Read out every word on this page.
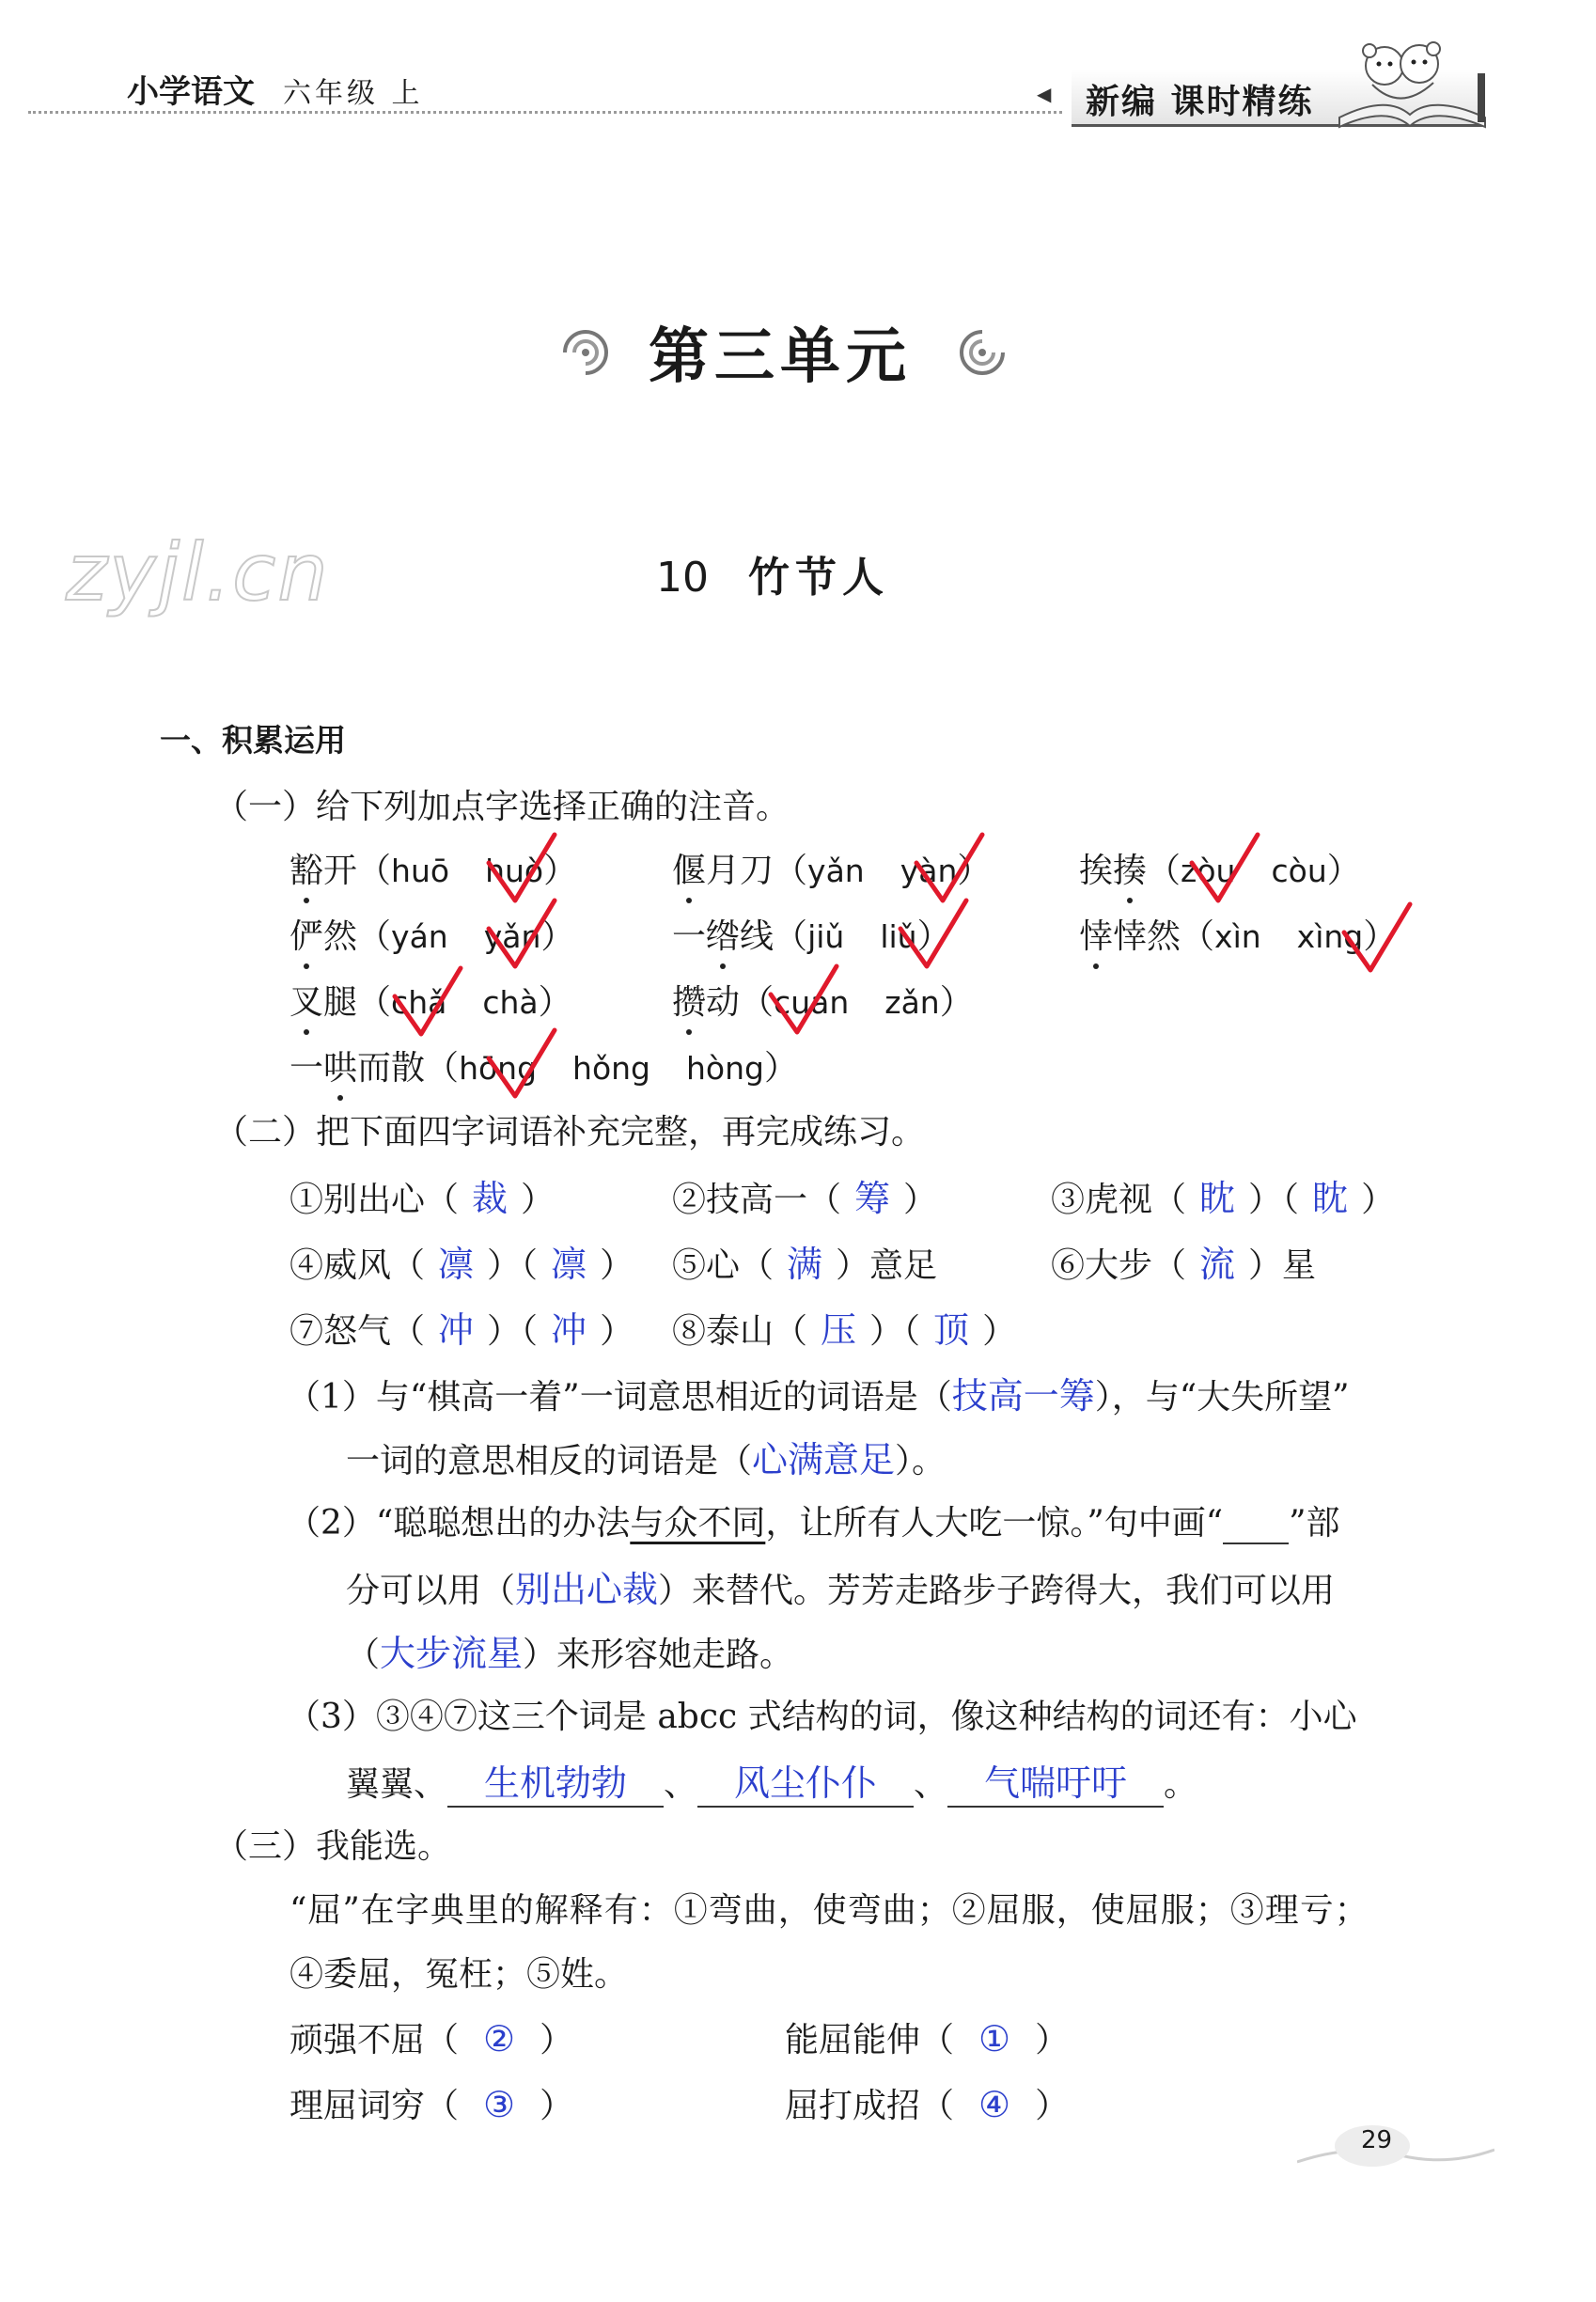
小学语文 六年级 上	◀ 新编 课时精练
第三单元
zyjl.cn	10 竹节人
一、积累运用
（一）给下列加点字选择正确的注音。
豁开（huō huò）	偃月刀（yǎn yàn）	挨揍（zòu còu）
俨然（yán yǎn）	一绺线（jiǔ liǔ）	悻悻然（xìn xìng）
叉腿（chǎ chà）	攒动（cuán zǎn）
一哄而散（hōng hǒng hòng）
（二）把下面四字词语补充完整，再完成练习。
①别出心（ 裁 ）	②技高一（ 筹 ）	③虎视（ 眈 ）（ 眈 ）
④威风（ 凛 ）（ 凛 ） ⑤心（ 满 ）意足	⑥大步（ 流 ）星
⑦怒气（ 冲 ）（ 冲 ） ⑧泰山（ 压 ）（ 顶 ）
（1）与“棋高一着”一词意思相近的词语是（技高一筹），与“大失所望”
一词的意思相反的词语是（心满意足）。
（2）“聪聪想出的办法与众不同，让所有人大吃一惊。”句中画“ ”部
分可以用（别出心裁）来替代。芳芳走路步子跨得大，我们可以用
（大步流星）来形容她走路。
（3）③④⑦这三个词是 abcc 式结构的词，像这种结构的词还有：小心
翼翼、 生机勃勃 、 风尘仆仆 、 气喘吁吁 。
（三）我能选。
“屈”在字典里的解释有：①弯曲，使弯曲；②屈服，使屈服；③理亏；
④委屈，冤枉；⑤姓。
顽强不屈（ ② ）	能屈能伸（ ① ）
理屈词穷（ ③ ）	屈打成招（ ④ ）
29
